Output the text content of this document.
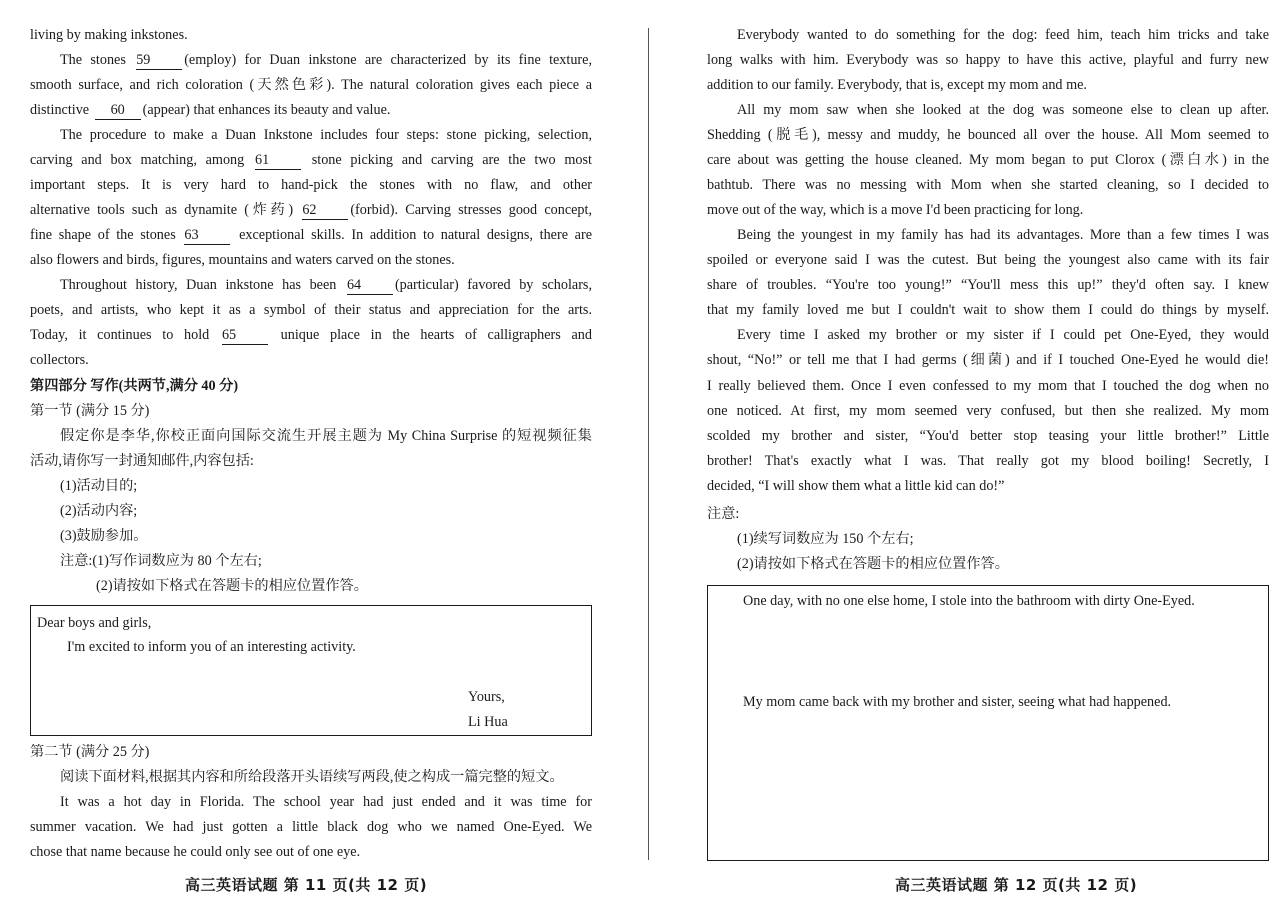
living by making inkstones.
The stones 59 (employ) for Duan inkstone are characterized by its fine texture,
smooth surface, and rich coloration (天然色彩). The natural coloration gives each piece a
distinctive 60 (appear) that enhances its beauty and value.
The procedure to make a Duan Inkstone includes four steps: stone picking, selection,
carving and box matching, among 61 stone picking and carving are the two most
important steps. It is very hard to hand-pick the stones with no flaw, and other
alternative tools such as dynamite (炸药) 62 (forbid). Carving stresses good concept,
fine shape of the stones 63 exceptional skills. In addition to natural designs, there are
also flowers and birds, figures, mountains and waters carved on the stones.
Throughout history, Duan inkstone has been 64 (particular) favored by scholars,
poets, and artists, who kept it as a symbol of their status and appreciation for the arts.
Today, it continues to hold 65 unique place in the hearts of calligraphers and
collectors.
第四部分 写作(共两节,满分 40 分)
第一节 (满分 15 分)
假定你是李华,你校正面向国际交流生开展主题为 My China Surprise 的短视频征集
活动,请你写一封通知邮件,内容包括:
(1)活动目的;
(2)活动内容;
(3)鼓励参加。
注意:(1)写作词数应为 80 个左右;
(2)请按如下格式在答题卡的相应位置作答。
Dear boys and girls,
I'm excited to inform you of an interesting activity.
Yours,
Li Hua
第二节 (满分 25 分)
阅读下面材料,根据其内容和所给段落开头语续写两段,使之构成一篇完整的短文。
It was a hot day in Florida. The school year had just ended and it was time for
summer vacation. We had just gotten a little black dog who we named One-Eyed. We
chose that name because he could only see out of one eye.
Everybody wanted to do something for the dog: feed him, teach him tricks and take
long walks with him. Everybody was so happy to have this active, playful and furry new
addition to our family. Everybody, that is, except my mom and me.
All my mom saw when she looked at the dog was someone else to clean up after.
Shedding (脱毛), messy and muddy, he bounced all over the house. All Mom seemed to
care about was getting the house cleaned. My mom began to put Clorox (漂白水) in the
bathtub. There was no messing with Mom when she started cleaning, so I decided to
move out of the way, which is a move I'd been practicing for long.
Being the youngest in my family has had its advantages. More than a few times I was
spoiled or everyone said I was the cutest. But being the youngest also came with its fair
share of troubles. “You're too young!” “You'll mess this up!” they'd often say. I knew
that my family loved me but I couldn't wait to show them I could do things by myself.
Every time I asked my brother or my sister if I could pet One-Eyed, they would
shout, “No!” or tell me that I had germs (细菌) and if I touched One-Eyed he would die!
I really believed them. Once I even confessed to my mom that I touched the dog when no
one noticed. At first, my mom seemed very confused, but then she realized. My mom
scolded my brother and sister, “You'd better stop teasing your little brother!” Little
brother! That's exactly what I was. That really got my blood boiling! Secretly, I
decided, “I will show them what a little kid can do!”
注意:
(1)续写词数应为 150 个左右;
(2)请按如下格式在答题卡的相应位置作答。
One day, with no one else home, I stole into the bathroom with dirty One-Eyed.
My mom came back with my brother and sister, seeing what had happened.
高三英语试题 第 11 页(共 12 页)	高三英语试题 第 12 页(共 12 页)
